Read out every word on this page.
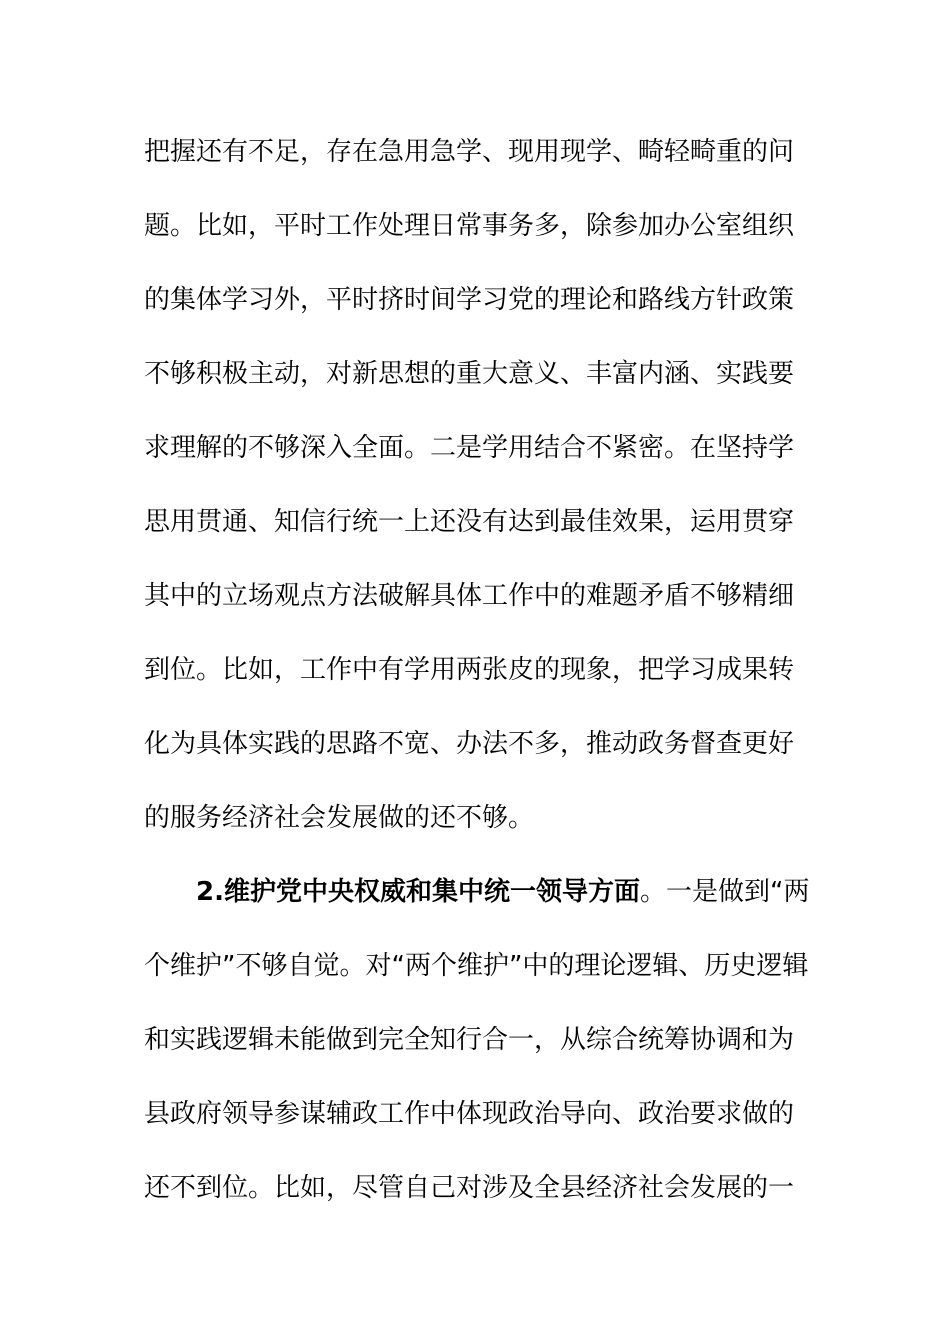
把握还有不足，存在急用急学、现用现学、畸轻畸重的问
题。比如，平时工作处理日常事务多，除参加办公室组织
的集体学习外，平时挤时间学习党的理论和路线方针政策
不够积极主动，对新思想的重大意义、丰富内涵、实践要
求理解的不够深入全面。二是学用结合不紧密。在坚持学
思用贯通、知信行统一上还没有达到最佳效果，运用贯穿
其中的立场观点方法破解具体工作中的难题矛盾不够精细
到位。比如，工作中有学用两张皮的现象，把学习成果转
化为具体实践的思路不宽、办法不多，推动政务督查更好
的服务经济社会发展做的还不够。
2.维护党中央权威和集中统一领导方面。一是做到“两
个维护”不够自觉。对“两个维护”中的理论逻辑、历史逻辑
和实践逻辑未能做到完全知行合一，从综合统筹协调和为
县政府领导参谋辅政工作中体现政治导向、政治要求做的
还不到位。比如，尽管自己对涉及全县经济社会发展的一
